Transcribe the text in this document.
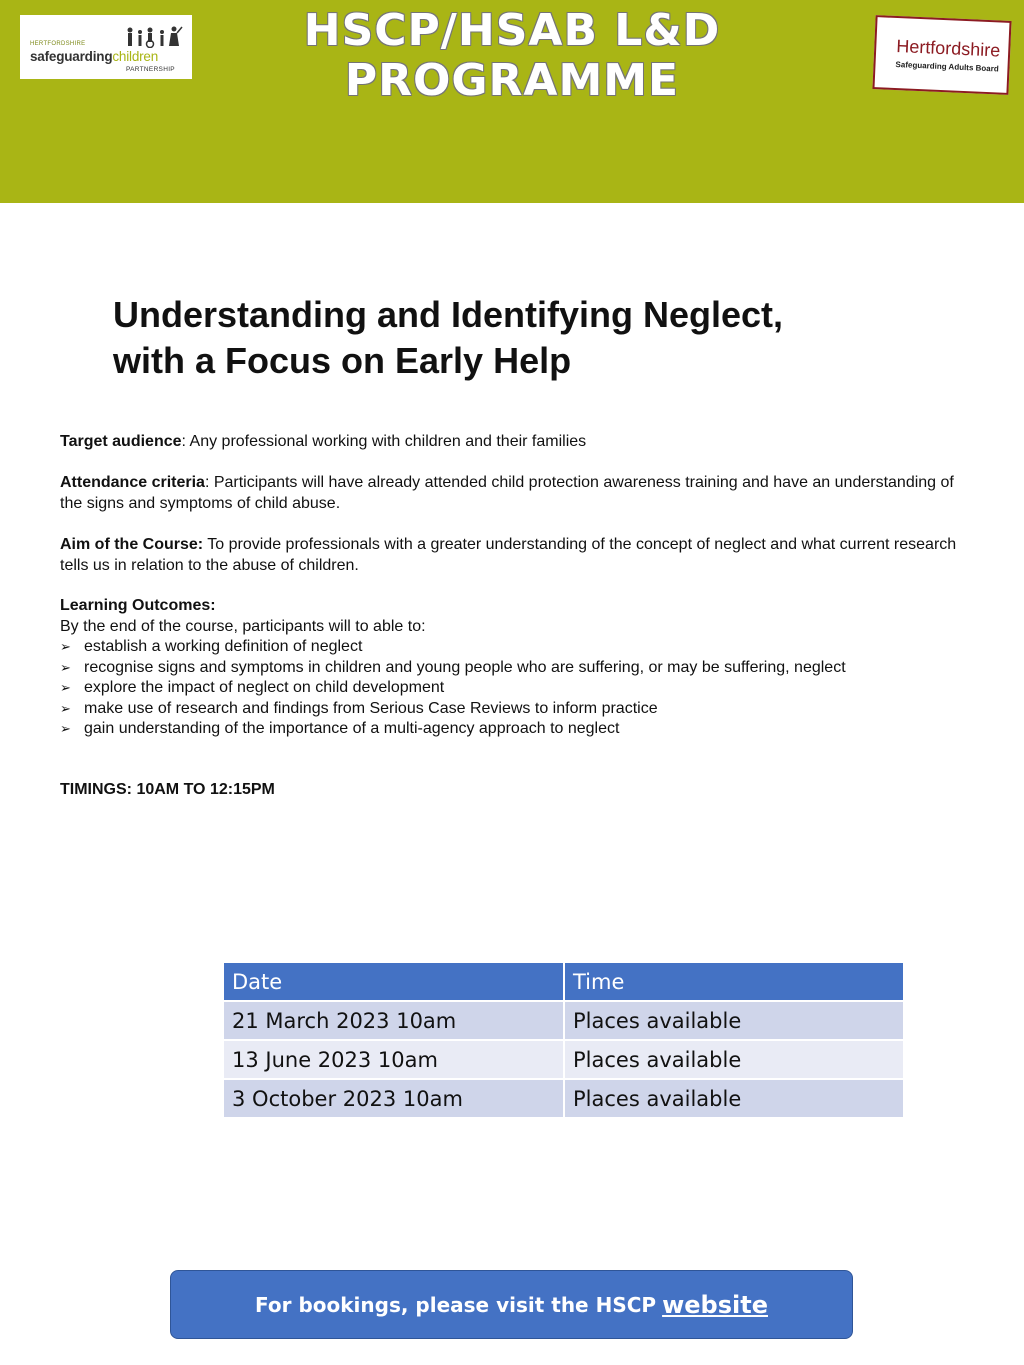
HERTFORDSHIRE
safeguardingchildren
PARTNERSHIP
HSCP/HSAB L&D
PROGRAMME
Hertfordshire
Safeguarding Adults Board
Understanding and Identifying Neglect,
with a Focus on Early Help
Target audience: Any professional working with children and their families
Attendance criteria: Participants will have already attended child protection awareness training and have an understanding of the signs and symptoms of child abuse.
Aim of the Course: To provide professionals with a greater understanding of the concept of neglect and what current research tells us in relation to the abuse of children.
Learning Outcomes:
By the end of the course, participants will to able to:
➢ establish a working definition of neglect
➢ recognise signs and symptoms in children and young people who are suffering, or may be suffering, neglect
➢ explore the impact of neglect on child development
➢ make use of research and findings from Serious Case Reviews to inform practice
➢ gain understanding of the importance of a multi-agency approach to neglect
TIMINGS: 10AM TO 12:15PM
Date	Time
21 March 2023 10am	Places available
13 June 2023 10am	Places available
3 October 2023 10am	Places available
For bookings, please visit the HSCP website
